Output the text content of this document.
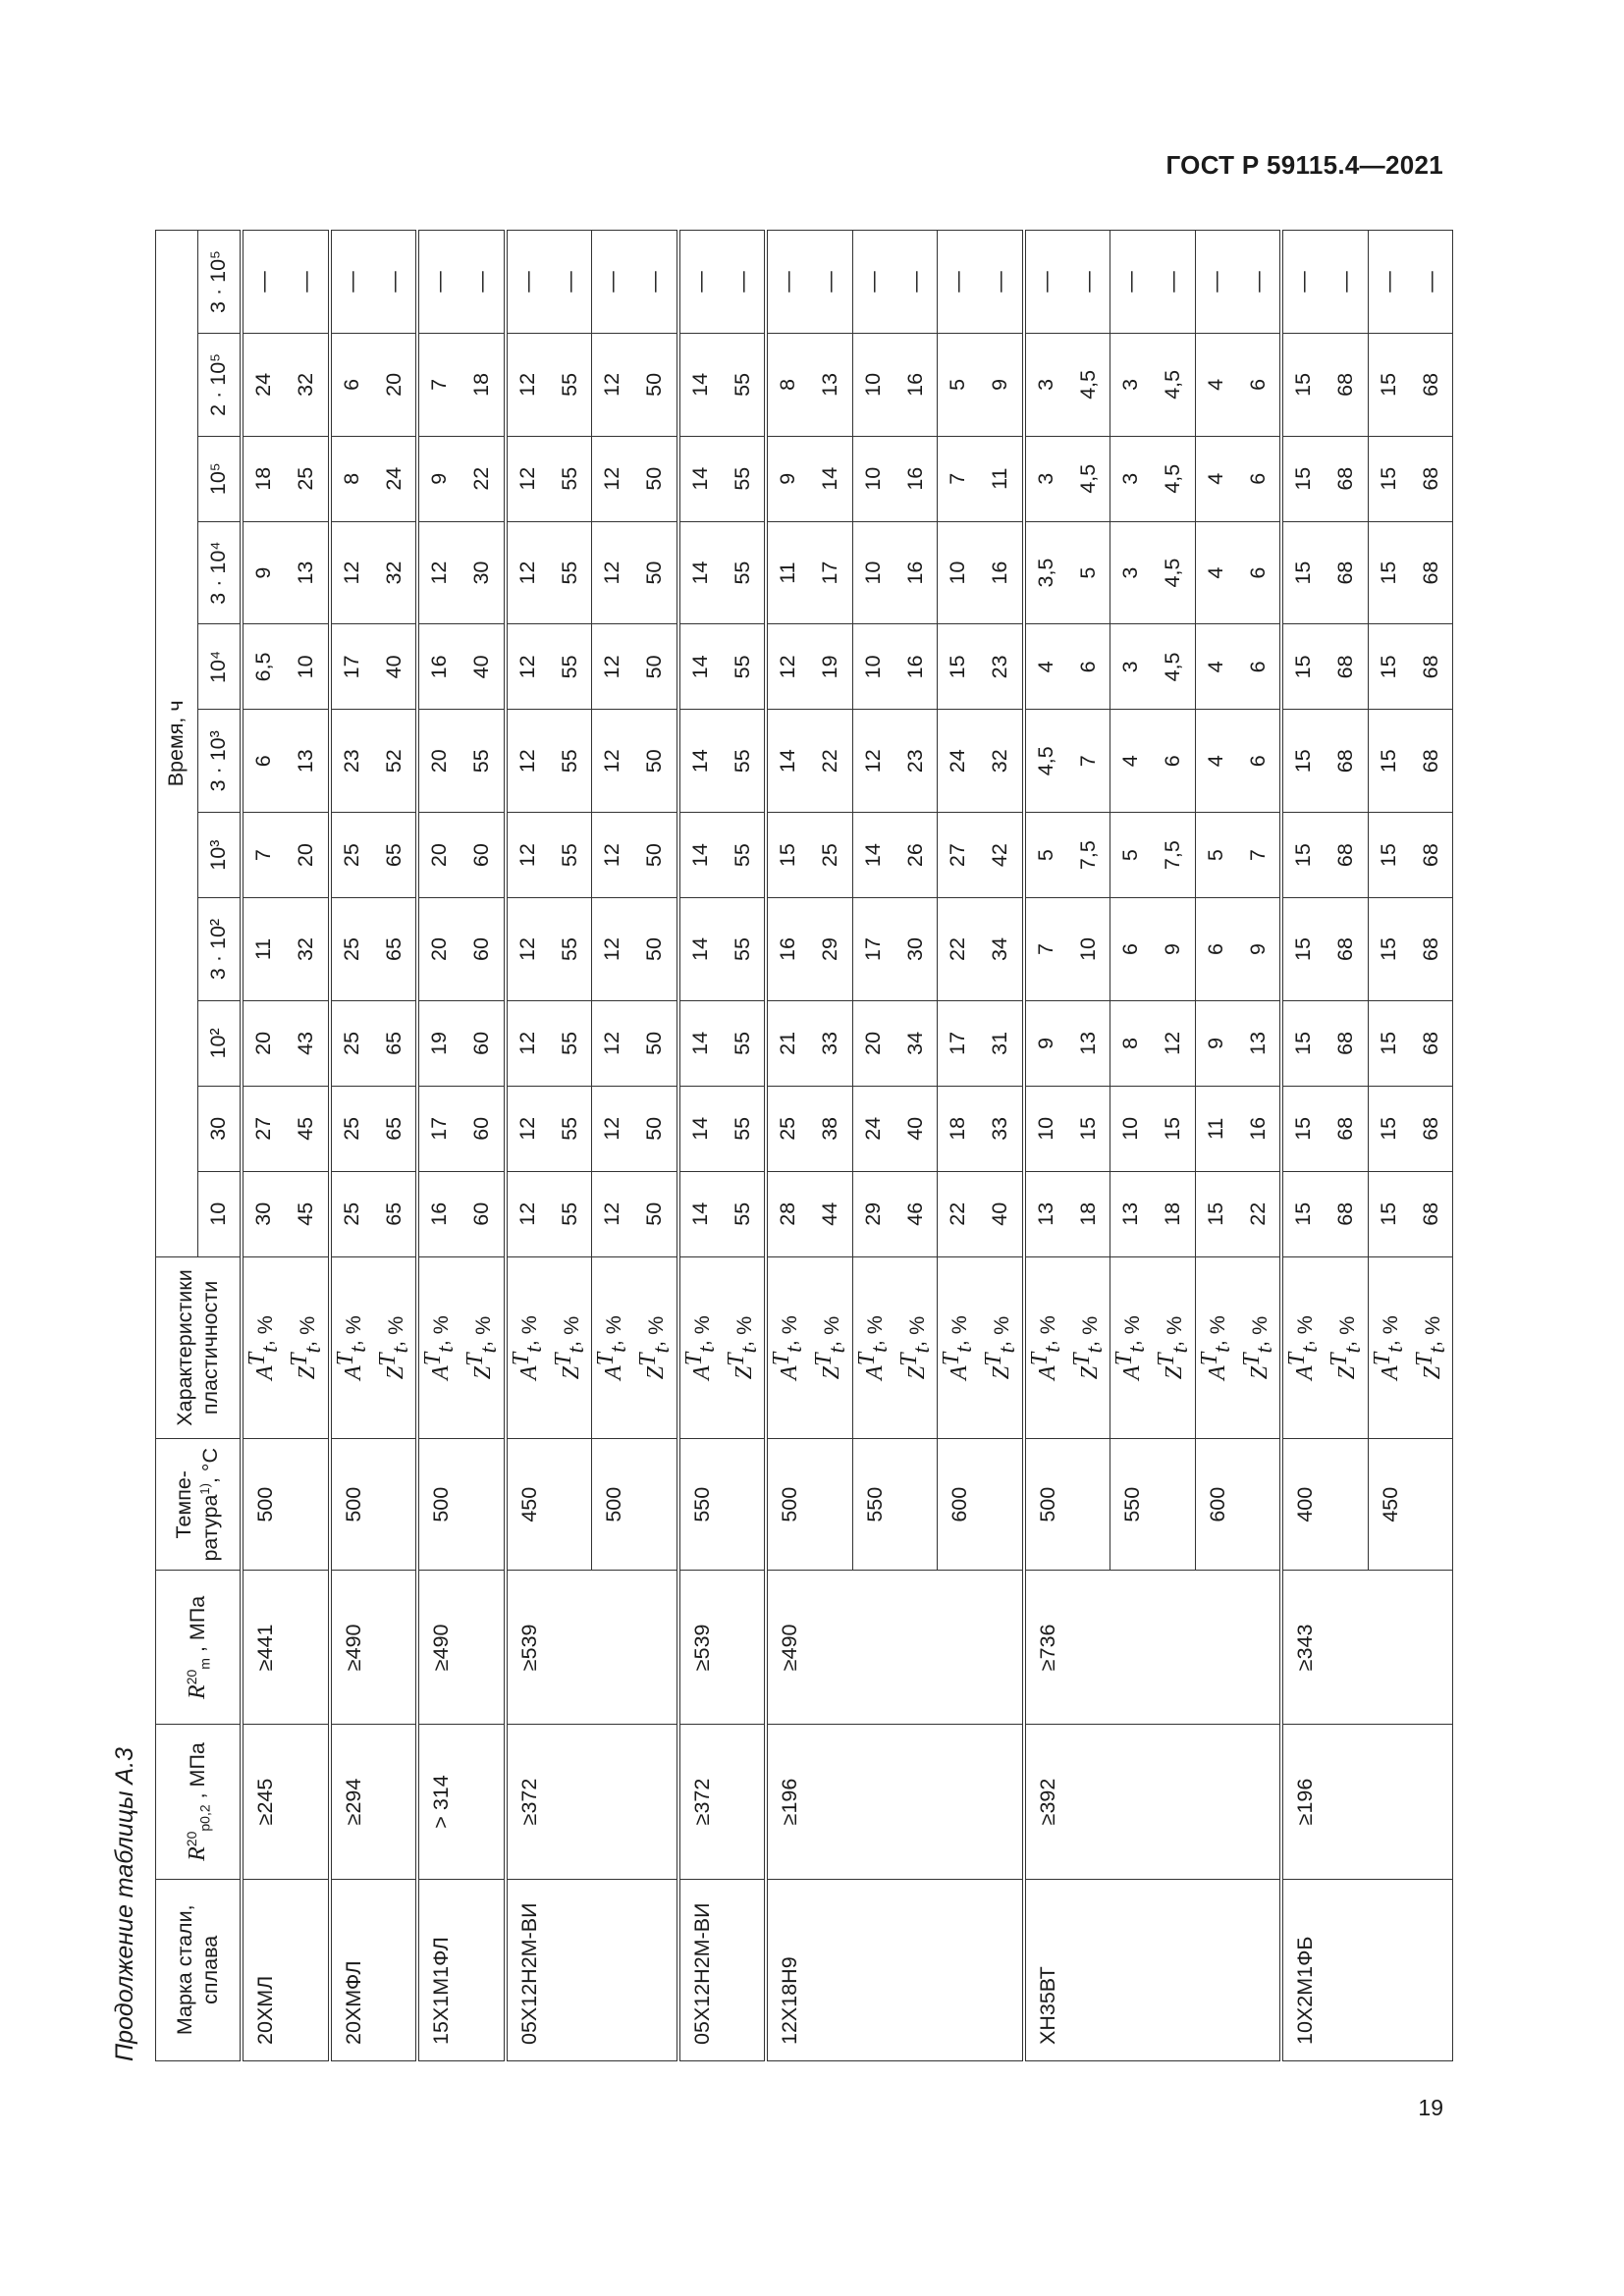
ГОСТ Р 59115.4—2021
Продолжение таблицы А.3 Марка стали, сплава	$R^{20}_{p0,2}$ , МПа	$R^{20}_m$ , МПа	Темпе- ратура$^{1)}$, °С	Характеристики пластичности	Время, ч										
					10	30	10²	3 · 10²	10³	3 · 10³	10⁴	3 · 10⁴	10⁵	2 · 10⁵	3 · 10⁵
20ХМЛ	≥245	≥441	500	$A^T_t$, %	30	27	20	11	7	6	6,5	9	18	24	—
				$Z^T_t$, %	45	45	43	32	20	13	10	13	25	32	—
20ХМФЛ	≥294	≥490	500	$A^T_t$, %	25	25	25	25	25	23	17	12	8	6	—
				$Z^T_t$, %	65	65	65	65	65	52	40	32	24	20	—
15Х1М1ФЛ	> 314	≥490	500	$A^T_t$, %	16	17	19	20	20	20	16	12	9	7	—
				$Z^T_t$, %	60	60	60	60	60	55	40	30	22	18	—
05Х12Н2М-ВИ	≥372	≥539	450	$A^T_t$, %	12	12	12	12	12	12	12	12	12	12	—
				$Z^T_t$, %	55	55	55	55	55	55	55	55	55	55	—
			500	$A^T_t$, %	12	12	12	12	12	12	12	12	12	12	—
				$Z^T_t$, %	50	50	50	50	50	50	50	50	50	50	—
05Х12Н2М-ВИ	≥372	≥539	550	$A^T_t$, %	14	14	14	14	14	14	14	14	14	14	—
				$Z^T_t$, %	55	55	55	55	55	55	55	55	55	55	—
12Х18Н9	≥196	≥490	500	$A^T_t$, %	28	25	21	16	15	14	12	11	9	8	—
				$Z^T_t$, %	44	38	33	29	25	22	19	17	14	13	—
			550	$A^T_t$, %	29	24	20	17	14	12	10	10	10	10	—
				$Z^T_t$, %	46	40	34	30	26	23	16	16	16	16	—
			600	$A^T_t$, %	22	18	17	22	27	24	15	10	7	5	—
				$Z^T_t$, %	40	33	31	34	42	32	23	16	11	9	—
ХН35ВТ	≥392	≥736	500	$A^T_t$, %	13	10	9	7	5	4,5	4	3,5	3	3	—
				$Z^T_t$, %	18	15	13	10	7,5	7	6	5	4,5	4,5	—
			550	$A^T_t$, %	13	10	8	6	5	4	3	3	3	3	—
				$Z^T_t$, %	18	15	12	9	7,5	6	4,5	4,5	4,5	4,5	—
			600	$A^T_t$, %	15	11	9	6	5	4	4	4	4	4	—
				$Z^T_t$, %	22	16	13	9	7	6	6	6	6	6	—
10Х2М1ФБ	≥196	≥343	400	$A^T_t$, %	15	15	15	15	15	15	15	15	15	15	—
				$Z^T_t$, %	68	68	68	68	68	68	68	68	68	68	—
			450	$A^T_t$, %	15	15	15	15	15	15	15	15	15	15	—
				$Z^T_t$, %	68	68	68	68	68	68	68	68	68	68	—
19
